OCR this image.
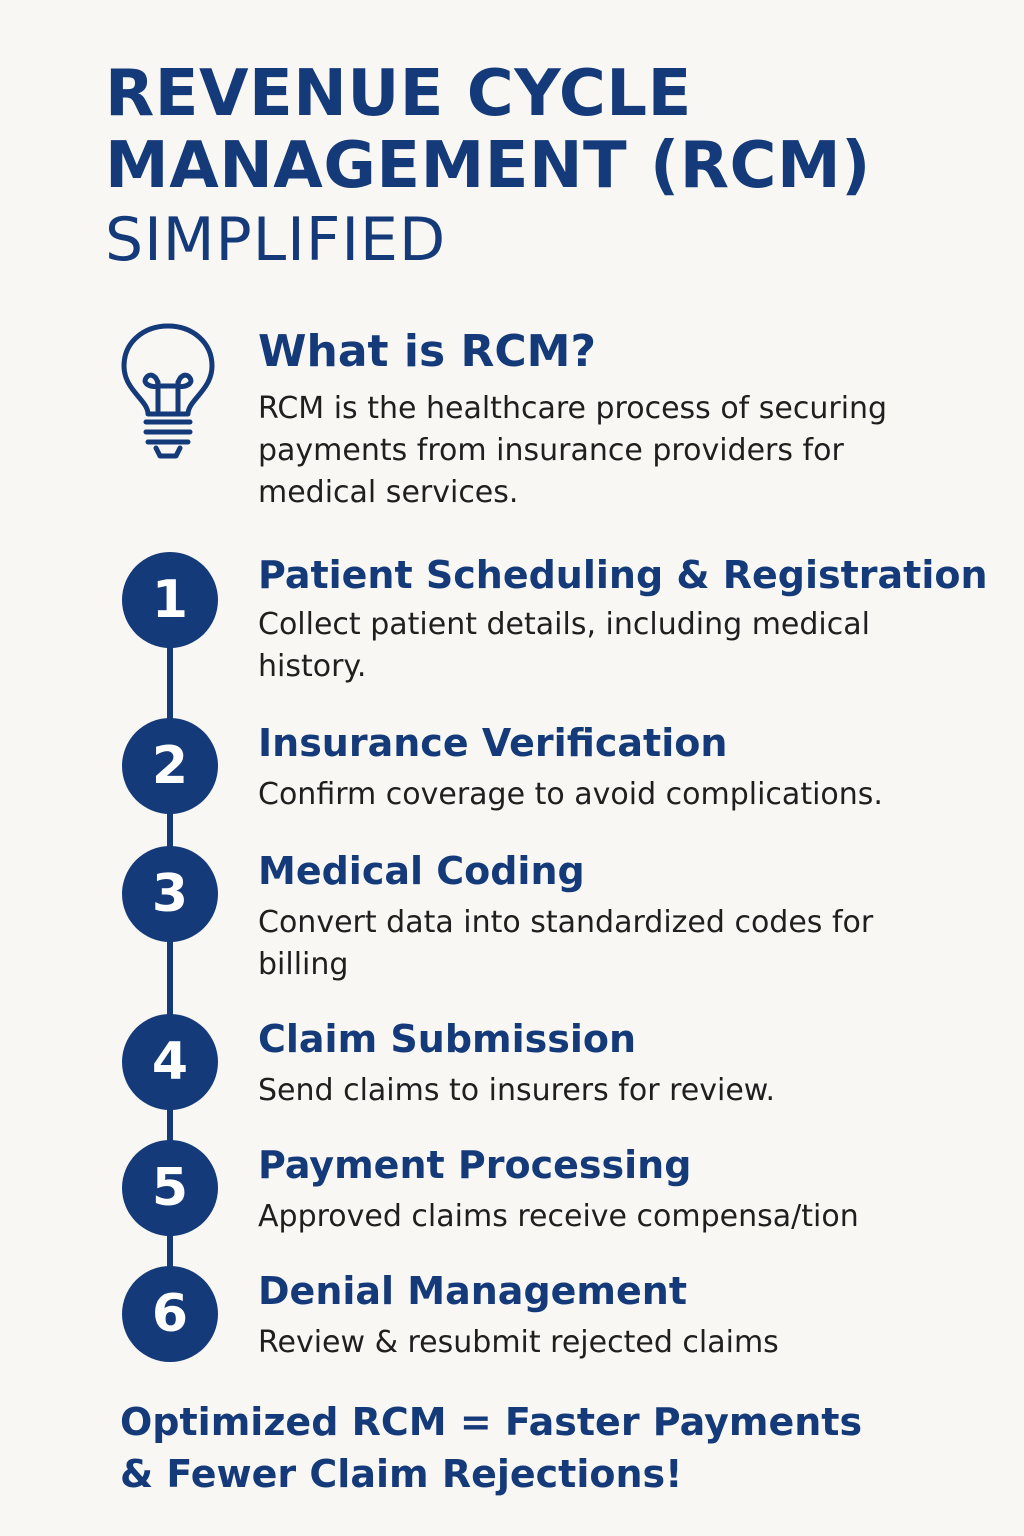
REVENUE CYCLE
MANAGEMENT (RCM)
SIMPLIFIED
What is RCM?

RCM is the healthcare process of securing payments from insurance providers for medical services.

1	Patient Scheduling & Registration
Collect patient details, including medical history.
2	Insurance Verification
Confirm coverage to avoid complications.
3	Medical Coding
Convert data into standardized codes for billing
4	Claim Submission
Send claims to insurers for review.
5	Payment Processing
Approved claims receive compensa/tion
6	Denial Management
Review & resubmit rejected claims

Optimized RCM = Faster Payments
& Fewer Claim Rejections!
